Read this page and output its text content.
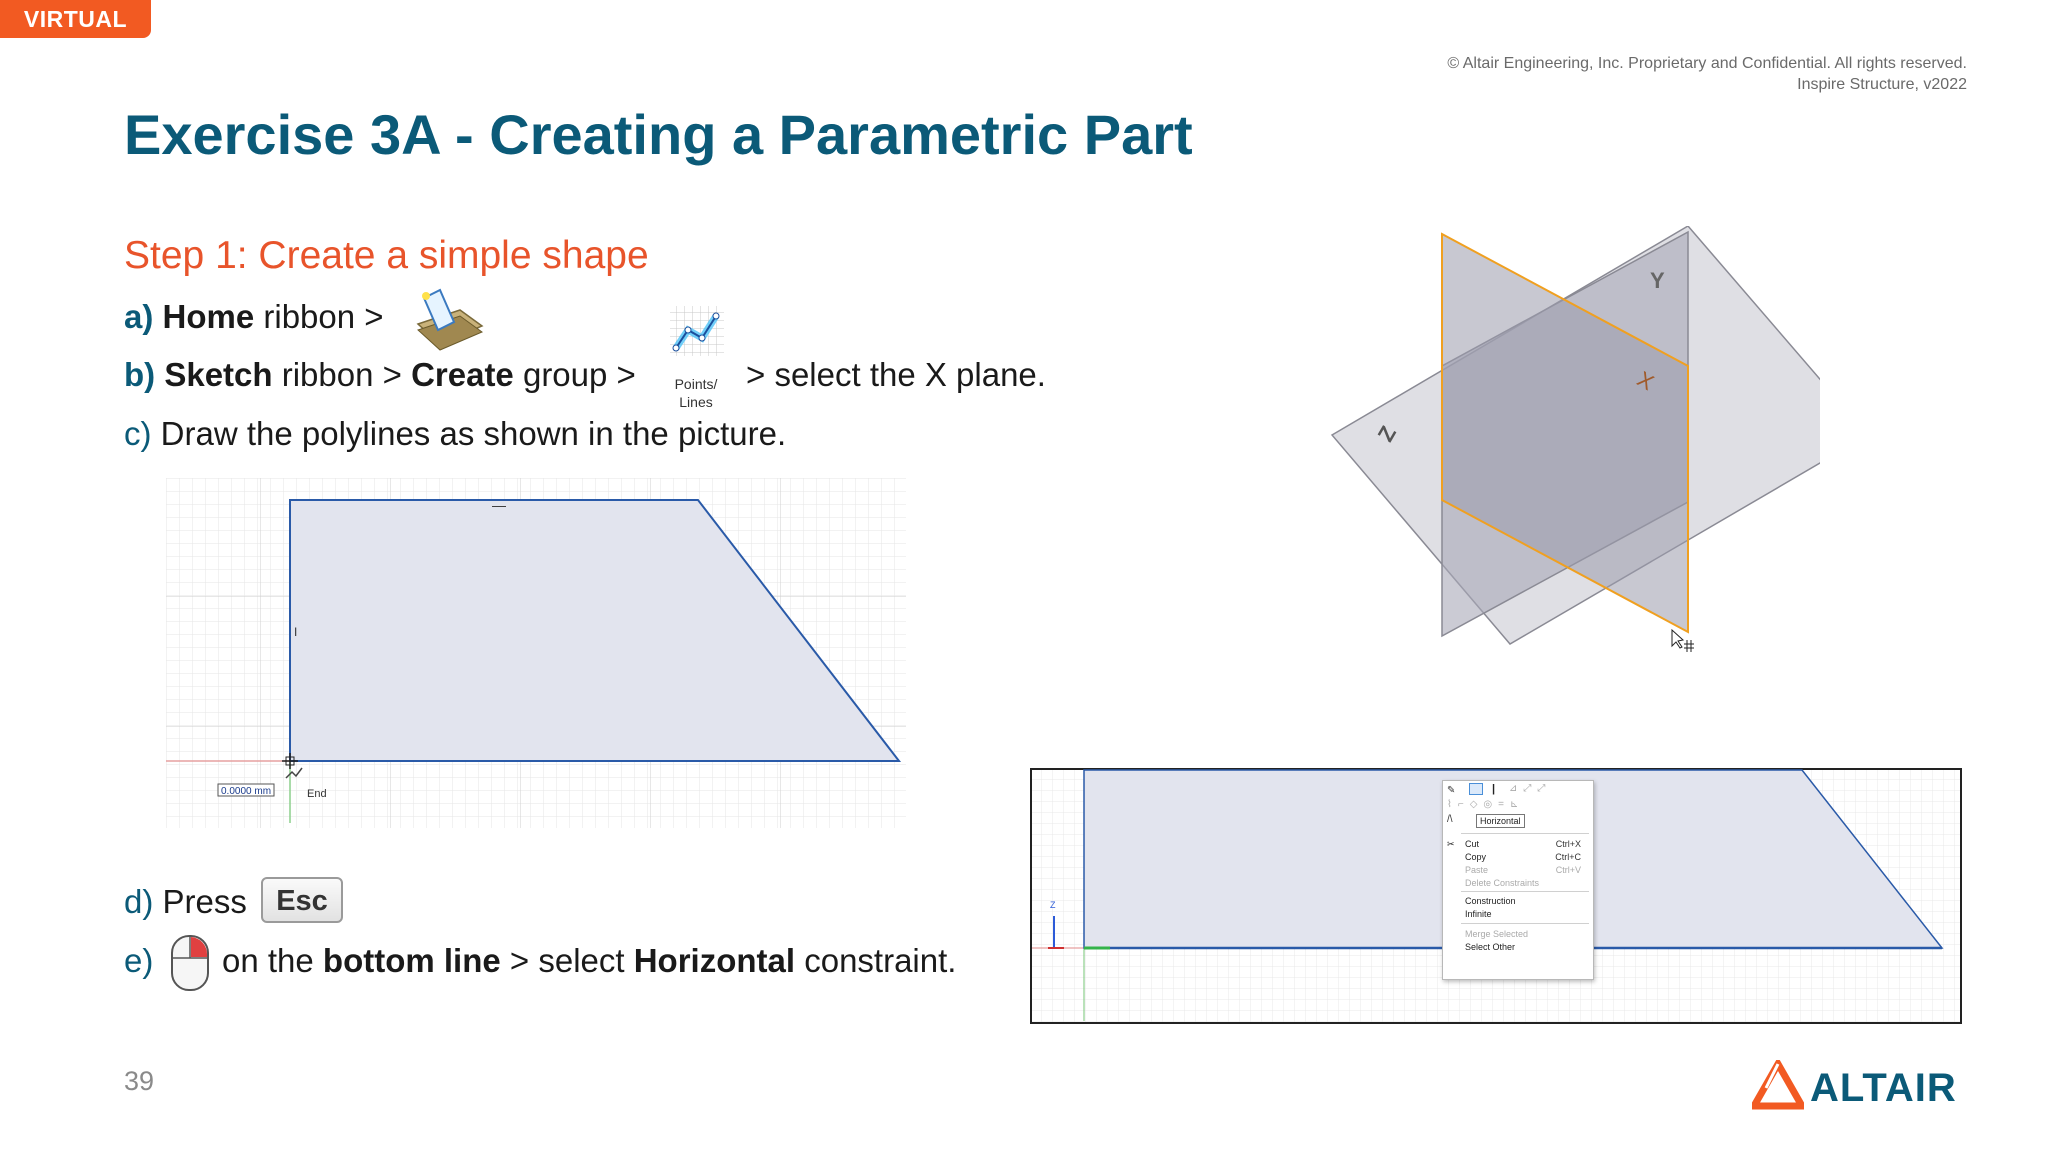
VIRTUAL
© Altair Engineering, Inc. Proprietary and Confidential. All rights reserved.
Inspire Structure, v2022
Exercise 3A - Creating a Parametric Part
Step 1: Create a simple shape
a) Home ribbon >
b) Sketch ribbon > Create group >	Points/
Lines
> select the X plane.
c) Draw the polylines as shown in the picture.
—
I
0.0000 mm	End
Y
X
Z
d) Press	Esc
e) on the bottom line > select Horizontal constraint.
Z
✎	| ⊿⤢⤢
⌇⌐◇◎=⊾
/\
✂ Cut	Ctrl+X
Copy	Ctrl+C
Paste	Ctrl+V
Delete Constraints
Construction
Infinite
Merge Selected
Select Other
Horizontal
39	ALTAIR
